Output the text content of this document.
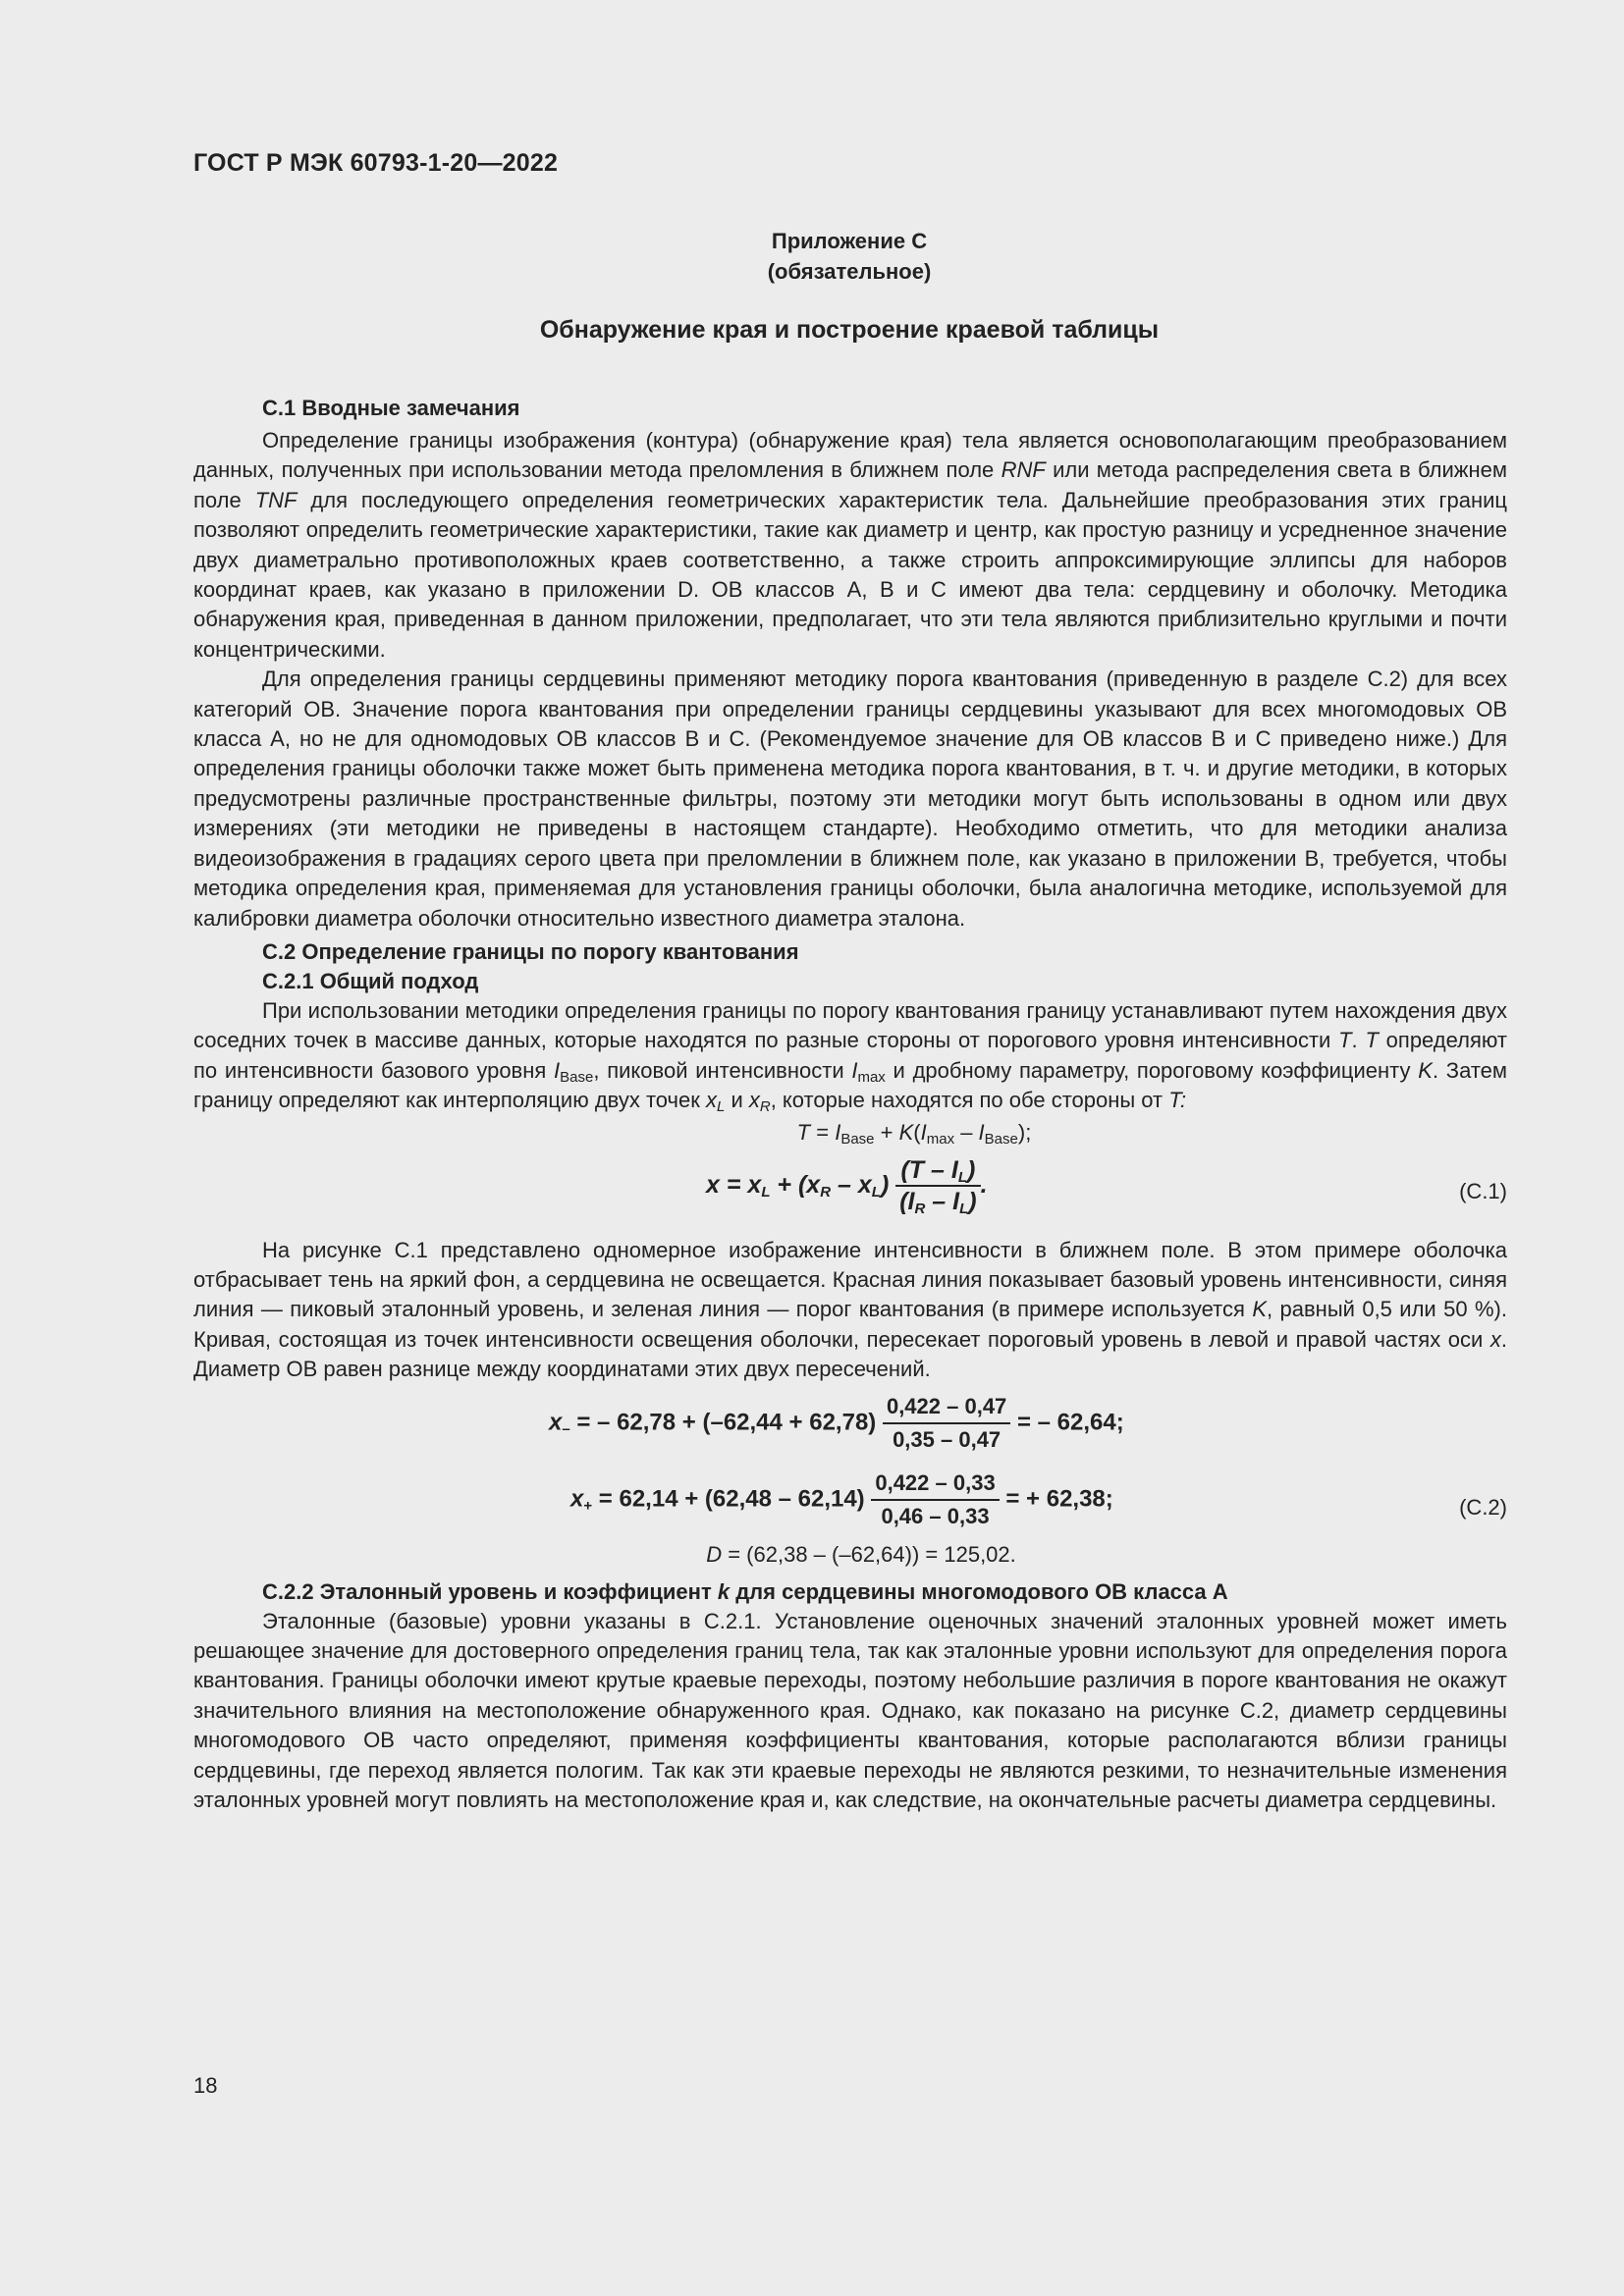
ГОСТ Р МЭК 60793-1-20—2022
Приложение С
(обязательное)
Обнаружение края и построение краевой таблицы
С.1 Вводные замечания

Определение границы изображения (контура) (обнаружение края) тела является основополагающим преобразованием данных, полученных при использовании метода преломления в ближнем поле RNF или метода распределения света в ближнем поле TNF для последующего определения геометрических характеристик тела. Дальнейшие преобразования этих границ позволяют определить геометрические характеристики, такие как диаметр и центр, как простую разницу и усредненное значение двух диаметрально противоположных краев соответственно, а также строить аппроксимирующие эллипсы для наборов координат краев, как указано в приложении D. ОВ классов А, В и С имеют два тела: сердцевину и оболочку. Методика обнаружения края, приведенная в данном приложении, предполагает, что эти тела являются приблизительно круглыми и почти концентрическими.

Для определения границы сердцевины применяют методику порога квантования (приведенную в разделе С.2) для всех категорий ОВ. Значение порога квантования при определении границы сердцевины указывают для всех многомодовых ОВ класса А, но не для одномодовых ОВ классов В и С. (Рекомендуемое значение для ОВ классов В и С приведено ниже.) Для определения границы оболочки также может быть применена методика порога квантования, в т. ч. и другие методики, в которых предусмотрены различные пространственные фильтры, поэтому эти методики могут быть использованы в одном или двух измерениях (эти методики не приведены в настоящем стандарте). Необходимо отметить, что для методики анализа видеоизображения в градациях серого цвета при преломлении в ближнем поле, как указано в приложении В, требуется, чтобы методика определения края, применяемая для установления границы оболочки, была аналогична методике, используемой для калибровки диаметра оболочки относительно известного диаметра эталона.

С.2 Определение границы по порогу квантования
С.2.1 Общий подход

При использовании методики определения границы по порогу квантования границу устанавливают путем нахождения двух соседних точек в массиве данных, которые находятся по разные стороны от порогового уровня интенсивности T. T определяют по интенсивности базового уровня $I_{Base}$, пиковой интенсивности $I_{max}$ и дробному параметру, пороговому коэффициенту K. Затем границу определяют как интерполяцию двух точек $x_L$ и $x_R$, которые находятся по обе стороны от T:

$T = I_{Base} + K(I_{max} - I_{Base})$;
$x = x_L + (x_R - x_L) \frac{(T - I_L)}{(I_R - I_L)}$ .	(С.1)

На рисунке С.1 представлено одномерное изображение интенсивности в ближнем поле. В этом примере оболочка отбрасывает тень на яркий фон, а сердцевина не освещается. Красная линия показывает базовый уровень интенсивности, синяя линия — пиковый эталонный уровень, и зеленая линия — порог квантования (в примере используется K, равный 0,5 или 50 %). Кривая, состоящая из точек интенсивности освещения оболочки, пересекает пороговый уровень в левой и правой частях оси x. Диаметр ОВ равен разнице между координатами этих двух пересечений.

$x_-$ = – $62,78 + (-62,44 + 62,78) \frac{0,422 - 0,47}{0,35 - 0,47}$ = – 62,64;
$x_+ = 62,14 + (62,48 - 62,14) \frac{0,422 - 0,33}{0,46 - 0,33}$ = + 62,38;	(С.2)
D = (62,38 – (–62,64)) = 125,02.
С.2.2 Эталонный уровень и коэффициент k для сердцевины многомодового ОВ класса А

Эталонные (базовые) уровни указаны в С.2.1. Установление оценочных значений эталонных уровней может иметь решающее значение для достоверного определения границ тела, так как эталонные уровни используют для определения порога квантования. Границы оболочки имеют крутые краевые переходы, поэтому небольшие различия в пороге квантования не окажут значительного влияния на местоположение обнаруженного края. Однако, как показано на рисунке С.2, диаметр сердцевины многомодового ОВ часто определяют, применяя коэффициенты квантования, которые располагаются вблизи границы сердцевины, где переход является пологим. Так как эти краевые переходы не являются резкими, то незначительные изменения эталонных уровней могут повлиять на местоположение края и, как следствие, на окончательные расчеты диаметра сердцевины.

18
